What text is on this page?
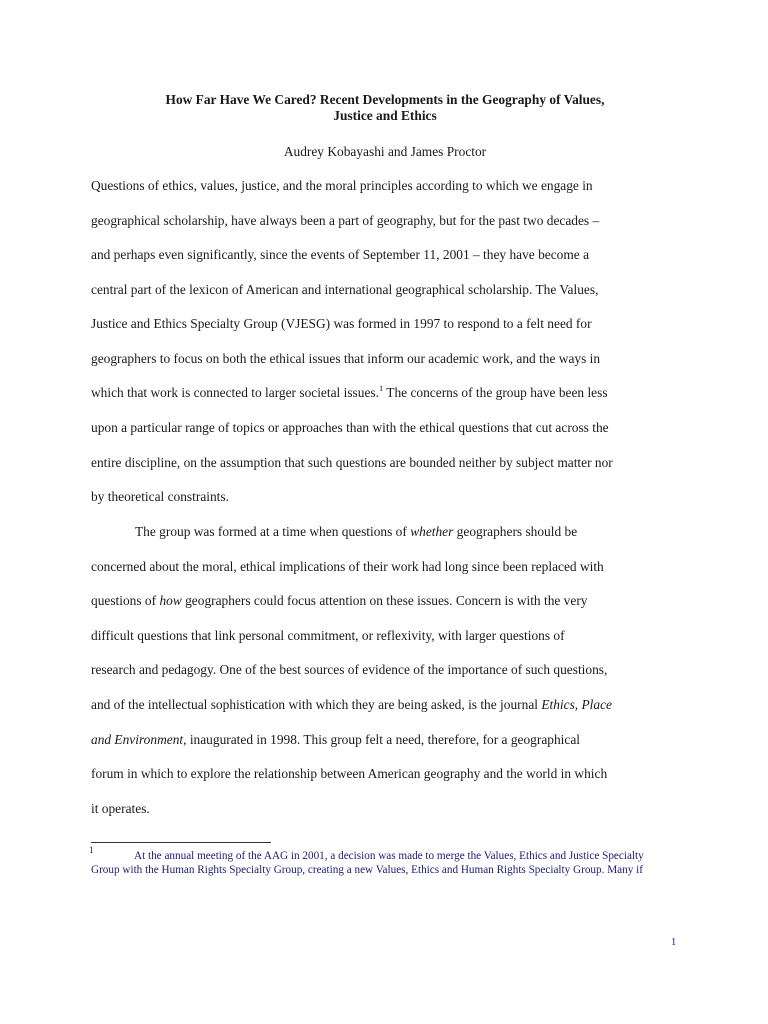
How Far Have We Cared? Recent Developments in the Geography of Values,
Justice and Ethics
Audrey Kobayashi and James Proctor
Questions of ethics, values, justice, and the moral principles according to which we engage in
geographical scholarship, have always been a part of geography, but for the past two decades –
and perhaps even significantly, since the events of September 11, 2001 – they have become a
central part of the lexicon of American and international geographical scholarship. The Values,
Justice and Ethics Specialty Group (VJESG) was formed in 1997 to respond to a felt need for
geographers to focus on both the ethical issues that inform our academic work, and the ways in
which that work is connected to larger societal issues.$^1$ The concerns of the group have been less
upon a particular range of topics or approaches than with the ethical questions that cut across the
entire discipline, on the assumption that such questions are bounded neither by subject matter nor
by theoretical constraints.
The group was formed at a time when questions of whether geographers should be
concerned about the moral, ethical implications of their work had long since been replaced with
questions of how geographers could focus attention on these issues. Concern is with the very
difficult questions that link personal commitment, or reflexivity, with larger questions of
research and pedagogy. One of the best sources of evidence of the importance of such questions,
and of the intellectual sophistication with which they are being asked, is the journal Ethics, Place
and Environment, inaugurated in 1998. This group felt a need, therefore, for a geographical
forum in which to explore the relationship between American geography and the world in which
it operates.
1	At the annual meeting of the AAG in 2001, a decision was made to merge the Values, Ethics and Justice Specialty
Group with the Human Rights Specialty Group, creating a new Values, Ethics and Human Rights Specialty Group. Many if
1
